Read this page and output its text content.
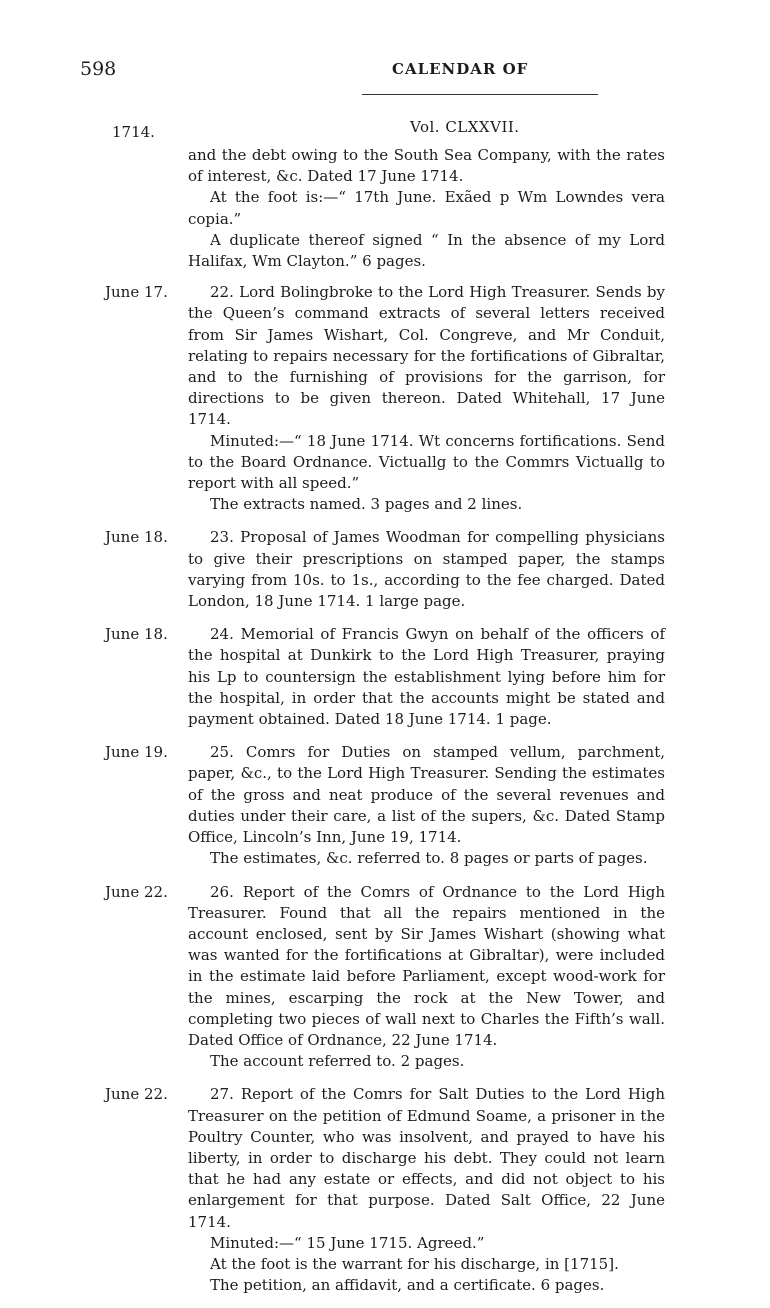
598	CALENDAR OF
1714.	Vol. CLXXVII.

and the debt owing to the South Sea Company, with the rates of interest, &c. Dated 17 June 1714.

At the foot is:—“ 17th June. Exãed p Wm Lowndes vera copia.”

A duplicate thereof signed “ In the absence of my Lord Halifax, Wm Clayton.” 6 pages.

June 17.	22. Lord Bolingbroke to the Lord High Treasurer. Sends by the Queen’s command extracts of several letters received from Sir James Wishart, Col. Congreve, and Mr Conduit, relating to repairs necessary for the fortifications of Gibraltar, and to the furnishing of provisions for the garrison, for directions to be given thereon. Dated Whitehall, 17 June 1714.

Minuted:—“ 18 June 1714. Wt concerns fortifications. Send to the Board Ordnance. Victuallg to the Commrs Victuallg to report with all speed.”

The extracts named. 3 pages and 2 lines.

June 18.	23. Proposal of James Woodman for compelling physicians to give their prescriptions on stamped paper, the stamps varying from 10s. to 1s., according to the fee charged. Dated London, 18 June 1714. 1 large page.

June 18.	24. Memorial of Francis Gwyn on behalf of the officers of the hospital at Dunkirk to the Lord High Treasurer, praying his Lp to countersign the establishment lying before him for the hospital, in order that the accounts might be stated and payment obtained. Dated 18 June 1714. 1 page.

June 19.	25. Comrs for Duties on stamped vellum, parchment, paper, &c., to the Lord High Treasurer. Sending the estimates of the gross and neat produce of the several revenues and duties under their care, a list of the supers, &c. Dated Stamp Office, Lincoln’s Inn, June 19, 1714.

The estimates, &c. referred to. 8 pages or parts of pages.

June 22.	26. Report of the Comrs of Ordnance to the Lord High Treasurer. Found that all the repairs mentioned in the account enclosed, sent by Sir James Wishart (showing what was wanted for the fortifications at Gibraltar), were included in the estimate laid before Parliament, except wood-work for the mines, escarping the rock at the New Tower, and completing two pieces of wall next to Charles the Fifth’s wall. Dated Office of Ordnance, 22 June 1714.

The account referred to. 2 pages.

June 22.	27. Report of the Comrs for Salt Duties to the Lord High Treasurer on the petition of Edmund Soame, a prisoner in the Poultry Counter, who was insolvent, and prayed to have his liberty, in order to discharge his debt. They could not learn that he had any estate or effects, and did not object to his enlargement for that purpose. Dated Salt Office, 22 June 1714.

Minuted:—“ 15 June 1715. Agreed.”

At the foot is the warrant for his discharge, in [1715].

The petition, an affidavit, and a certificate. 6 pages.
